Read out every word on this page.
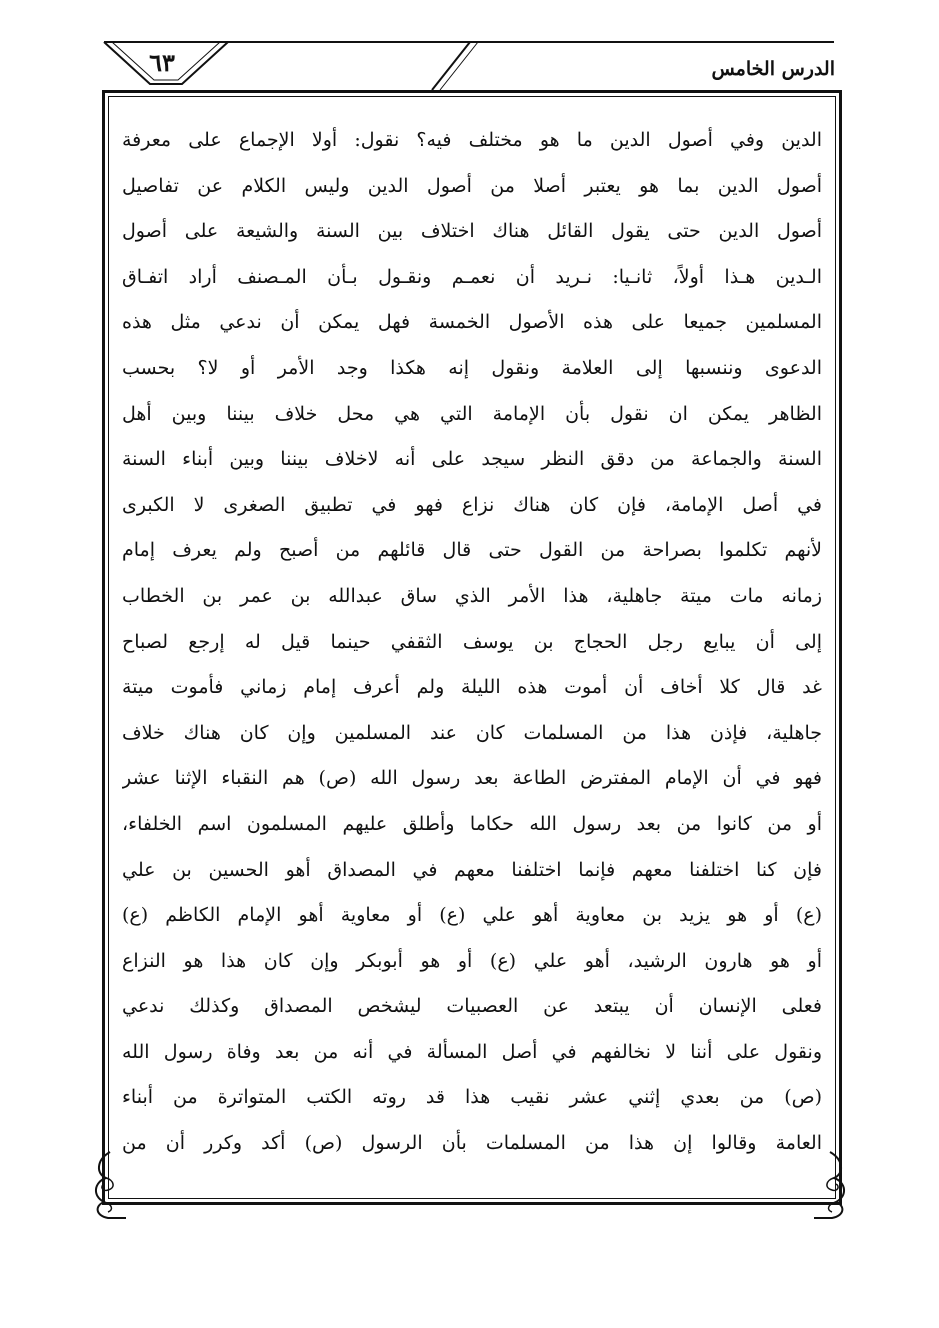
٦٣	الدرس الخامس
الدين وفي أصول الدين ما هو مختلف فيه؟ نقول: أولا الإجماع على معرفة
أصول الدين بما هو يعتبر أصلا من أصول الدين وليس الكلام عن تفاصيل
أصول الدين حتى يقول القائل هناك اختلاف بين السنة والشيعة على أصول
الـدين هـذا أولاً، ثانـيا: نـريد أن نعمـم ونقـول بـأن المـصنف أراد اتفـاق
المسلمين جميعا على هذه الأصول الخمسة فهل يمكن أن ندعي مثل هذه
الدعوى وننسبها إلى العلامة ونقول إنه هكذا وجد الأمر أو لا؟ بحسب
الظاهر يمكن ان نقول بأن الإمامة التي هي محل خلاف بيننا وبين أهل
السنة والجماعة من دقق النظر سيجد على أنه لاخلاف بيننا وبين أبناء السنة
في أصل الإمامة، فإن كان هناك نزاع فهو في تطبيق الصغرى لا الكبرى
لأنهم تكلموا بصراحة من القول حتى قال قائلهم من أصبح ولم يعرف إمام
زمانه مات ميتة جاهلية، هذا الأمر الذي ساق عبدالله بن عمر بن الخطاب
إلى أن يبايع رجل الحجاج بن يوسف الثقفي حينما قيل له إرجع لصباح
غد قال كلا أخاف أن أموت هذه الليلة ولم أعرف إمام زماني فأموت ميتة
جاهلية، فإذن هذا من المسلمات كان عند المسلمين وإن كان هناك خلاف
فهو في أن الإمام المفترض الطاعة بعد رسول الله (ص) هم النقباء الإثنا عشر
أو من كانوا من بعد رسول الله حكاما وأطلق عليهم المسلمون اسم الخلفاء،
فإن كنا اختلفنا معهم فإنما اختلفنا معهم في المصداق أهو الحسين بن علي
(ع) أو هو يزيد بن معاوية أهو علي (ع) أو معاوية أهو الإمام الكاظم (ع)
أو هو هارون الرشيد، أهو علي (ع) أو هو أبوبكر وإن كان هذا هو النزاع
فعلى الإنسان أن يبتعد عن العصبيات ليشخص المصداق وكذلك ندعي
ونقول على أننا لا نخالفهم في أصل المسألة في أنه من بعد وفاة رسول الله
(ص) من بعدي إثني عشر نقيب هذا قد روته الكتب المتواترة من أبناء
العامة وقالوا إن هذا من المسلمات بأن الرسول (ص) أكد وكرر أن من
